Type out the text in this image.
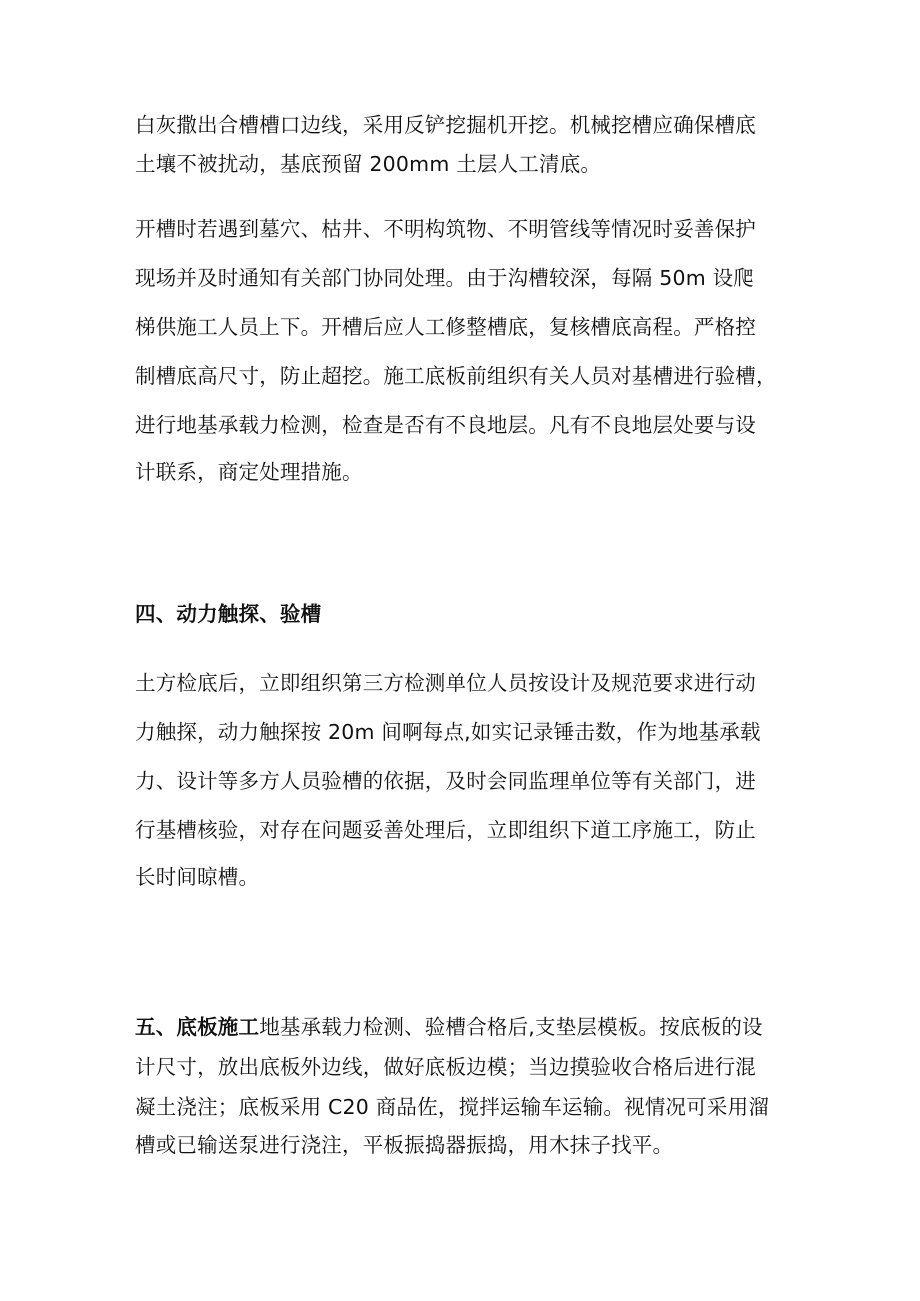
白灰撒出合槽槽口边线，采用反铲挖掘机开挖。机械挖槽应确保槽底
土壤不被扰动，基底预留 200mm 土层人工清底。
开槽时若遇到墓穴、枯井、不明构筑物、不明管线等情况时妥善保护
现场并及时通知有关部门协同处理。由于沟槽较深，每隔 50m 设爬
梯供施工人员上下。开槽后应人工修整槽底，复核槽底高程。严格控
制槽底高尺寸，防止超挖。施工底板前组织有关人员对基槽进行验槽，
进行地基承载力检测，检查是否有不良地层。凡有不良地层处要与设
计联系，商定处理措施。
四、动力触探、验槽
土方检底后，立即组织第三方检测单位人员按设计及规范要求进行动
力触探，动力触探按 20m 间啊每点,如实记录锤击数，作为地基承载
力、设计等多方人员验槽的依据，及时会同监理单位等有关部门，进
行基槽核验，对存在问题妥善处理后，立即组织下道工序施工，防止
长时间晾槽。
五、底板施工地基承载力检测、验槽合格后,支垫层模板。按底板的设
计尺寸，放出底板外边线，做好底板边模；当边摸验收合格后进行混
凝土浇注；底板采用 C20 商品佐，搅拌运输车运输。视情况可采用溜
槽或已输送泵进行浇注，平板振捣器振捣，用木抹子找平。
